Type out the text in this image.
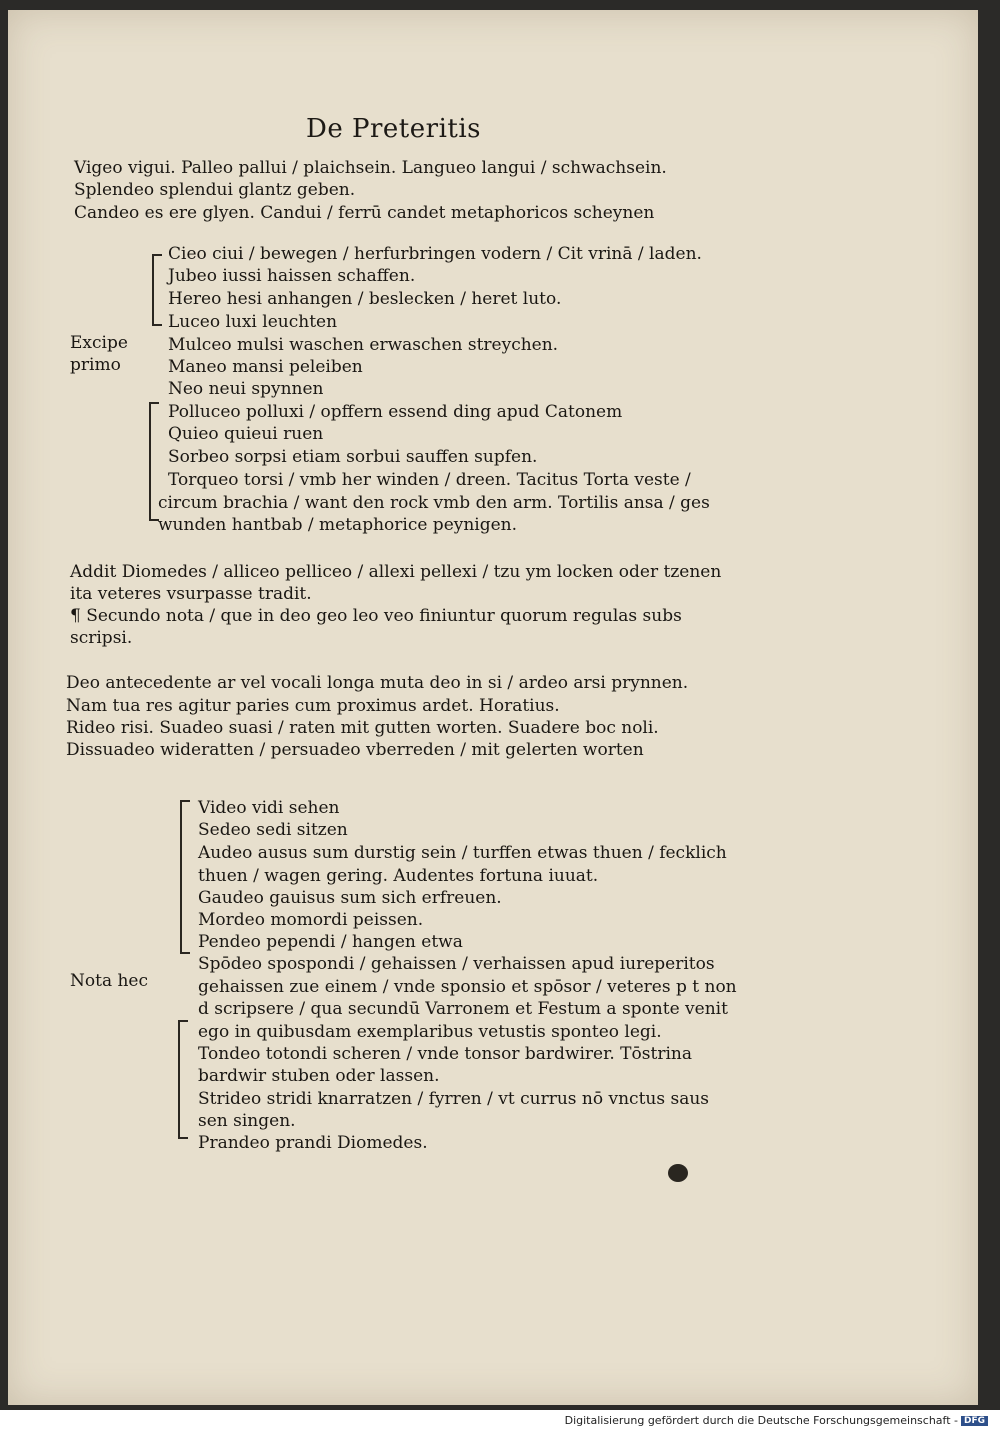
De Preteritis
Vigeo vigui. Palleo pallui / plaichsein. Langueo langui / schwachsein.
Splendeo splendui glantz geben.
Candeo es ere glyen. Candui / ferrū candet metaphoricos scheynen
Excipe
primo
Cieo ciui / bewegen / herfurbringen vodern / Cit vrinā / laden.
Jubeo iussi haissen schaffen.
Hereo hesi anhangen / beslecken / heret luto.
Luceo luxi leuchten
Mulceo mulsi waschen erwaschen streychen.
Maneo mansi peleiben
Neo neui spynnen
Polluceo polluxi / opffern essend ding apud Catonem
Quieo quieui ruen
Sorbeo sorpsi etiam sorbui sauffen supfen.
Torqueo torsi / vmb her winden / dreen. Tacitus Torta veste /
circum brachia / want den rock vmb den arm. Tortilis ansa / ges
wunden hantbab / metaphorice peynigen.
Addit Diomedes / alliceo pelliceo / allexi pellexi / tzu ym locken oder tzenen
ita veteres vsurpasse tradit.
¶ Secundo nota / que in deo geo leo veo finiuntur quorum regulas subs
scripsi.
Deo antecedente ar vel vocali longa muta deo in si / ardeo arsi prynnen.
Nam tua res agitur paries cum proximus ardet. Horatius.
Rideo risi. Suadeo suasi / raten mit gutten worten. Suadere boc noli.
Dissuadeo wideratten / persuadeo vberreden / mit gelerten worten
Nota hec
Video vidi sehen
Sedeo sedi sitzen
Audeo ausus sum durstig sein / turffen etwas thuen / fecklich
thuen / wagen gering. Audentes fortuna iuuat.
Gaudeo gauisus sum sich erfreuen.
Mordeo momordi peissen.
Pendeo pependi / hangen etwa
Spōdeo spospondi / gehaissen / verhaissen apud iureperitos
gehaissen zue einem / vnde sponsio et spōsor / veteres p t non
d scripsere / qua secundū Varronem et Festum a sponte venit
ego in quibusdam exemplaribus vetustis sponteo legi.
Tondeo totondi scheren / vnde tonsor bardwirer. Tōstrina
bardwir stuben oder lassen.
Strideo stridi knarratzen / fyrren / vt currus nō vnctus saus
sen singen.
Prandeo prandi Diomedes.
Digitalisierung gefördert durch die Deutsche Forschungsgemeinschaft - DFG
